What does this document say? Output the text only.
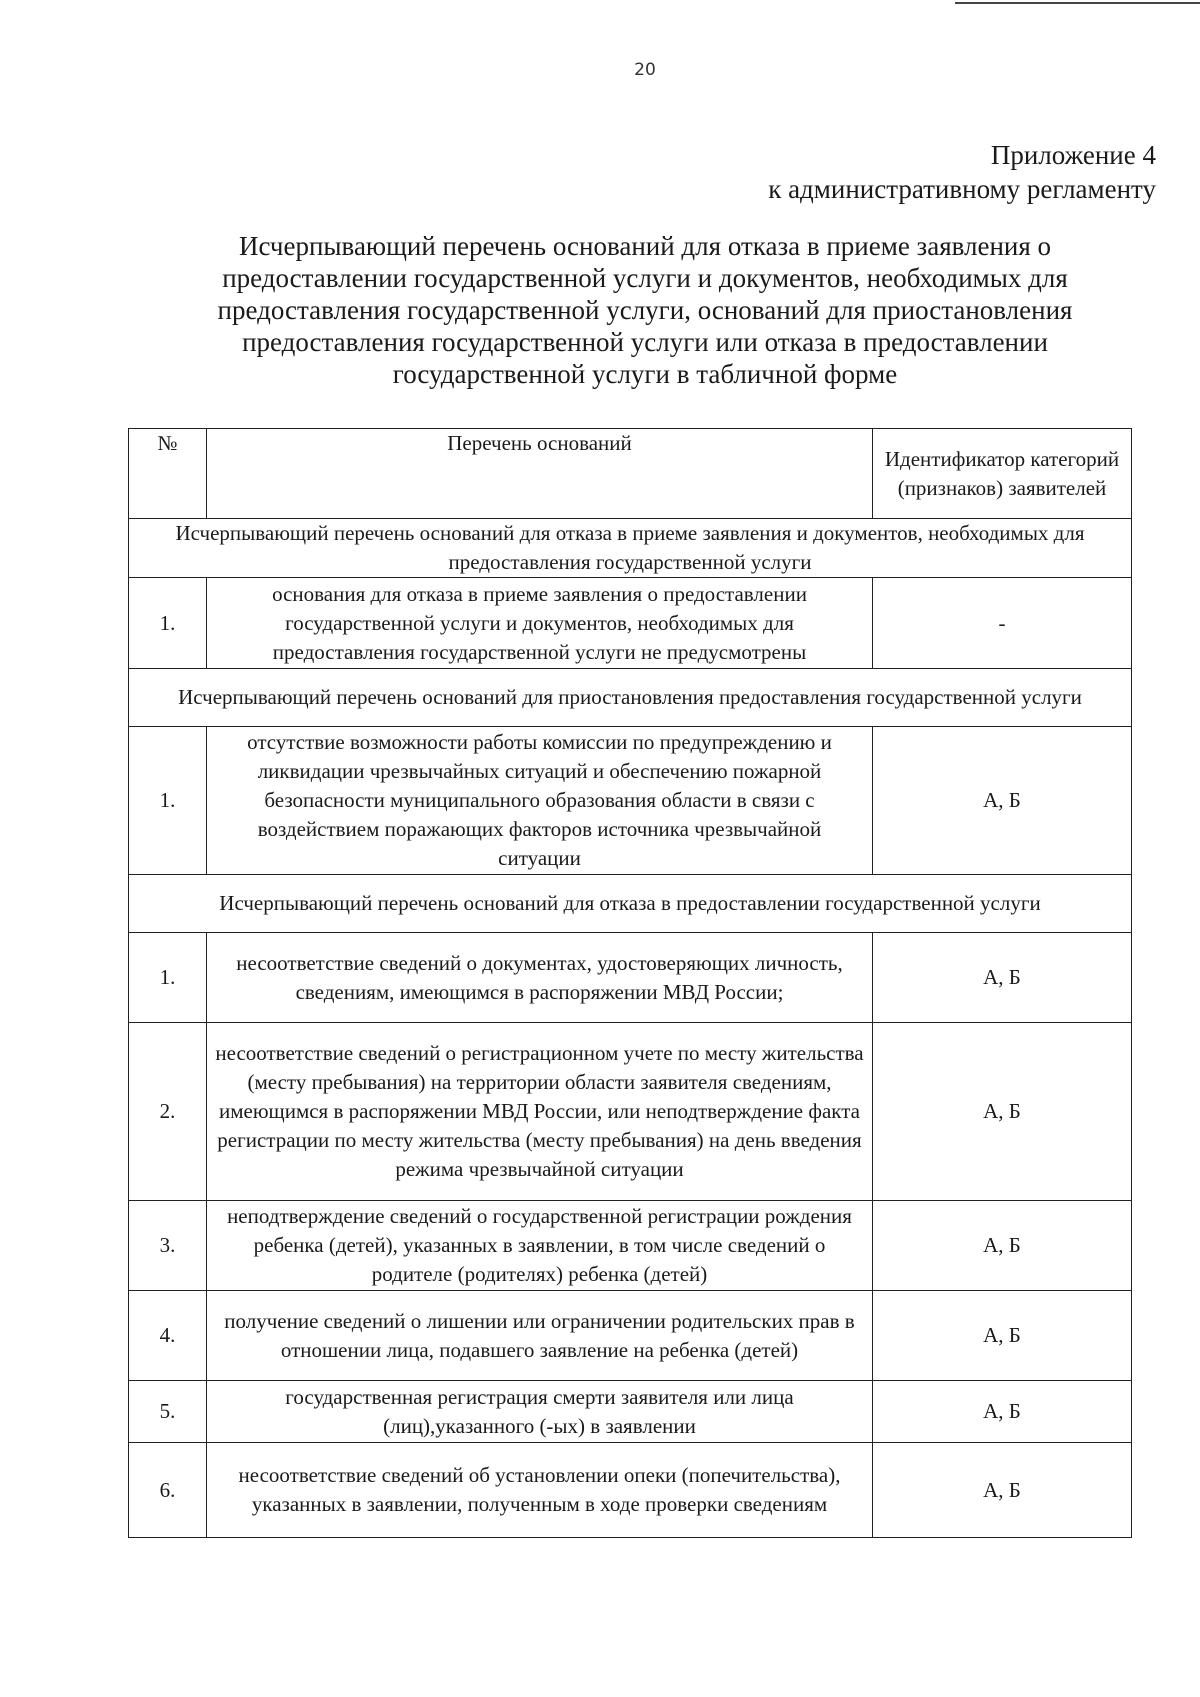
20
Приложение 4
к административному регламенту
Исчерпывающий перечень оснований для отказа в приеме заявления о предоставлении государственной услуги и документов, необходимых для предоставления государственной услуги, оснований для приостановления предоставления государственной услуги или отказа в предоставлении государственной услуги в табличной форме
№	Перечень оснований	Идентификатор категорий (признаков) заявителей
Исчерпывающий перечень оснований для отказа в приеме заявления и документов, необходимых для предоставления государственной услуги		
1.	основания для отказа в приеме заявления о предоставлении государственной услуги и документов, необходимых для предоставления государственной услуги не предусмотрены	-
Исчерпывающий перечень оснований для приостановления предоставления государственной услуги		
1.	отсутствие возможности работы комиссии по предупреждению и ликвидации чрезвычайных ситуаций и обеспечению пожарной безопасности муниципального образования области в связи с воздействием поражающих факторов источника чрезвычайной ситуации	А, Б
Исчерпывающий перечень оснований для отказа в предоставлении государственной услуги		
1.	несоответствие сведений о документах, удостоверяющих личность, сведениям, имеющимся в распоряжении МВД России;	А, Б
2.	несоответствие сведений о регистрационном учете по месту жительства (месту пребывания) на территории области заявителя сведениям, имеющимся в распоряжении МВД России, или неподтверждение факта регистрации по месту жительства (месту пребывания) на день введения режима чрезвычайной ситуации	А, Б
3.	неподтверждение сведений о государственной регистрации рождения ребенка (детей), указанных в заявлении, в том числе сведений о родителе (родителях) ребенка (детей)	А, Б
4.	получение сведений о лишении или ограничении родительских прав в отношении лица, подавшего заявление на ребенка (детей)	А, Б
5.	государственная регистрация смерти заявителя или лица (лиц),указанного (-ых) в заявлении	А, Б
6.	несоответствие сведений об установлении опеки (попечительства), указанных в заявлении, полученным в ходе проверки сведениям	А, Б
